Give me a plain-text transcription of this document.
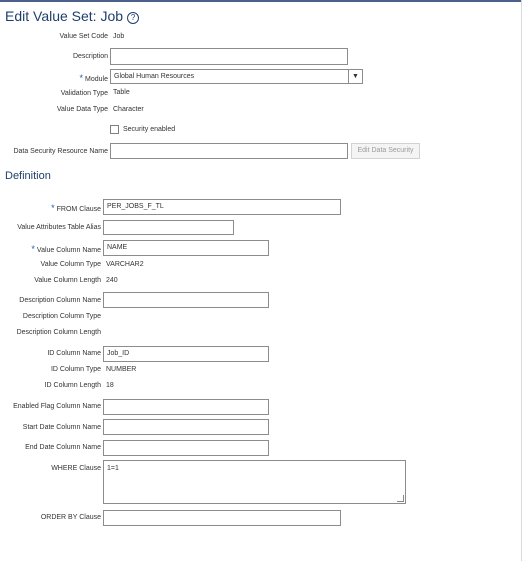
Edit Value Set: Job ?
Value Set Code Job
Description
* Module Global Human Resources	▼
Validation Type Table
Value Data Type Character
Security enabled
Data Security Resource Name	Edit Data Security
Definition
* FROM Clause PER_JOBS_F_TL
Value Attributes Table Alias
* Value Column Name NAME
Value Column Type VARCHAR2
Value Column Length 240
Description Column Name
Description Column Type
Description Column Length
ID Column Name Job_ID
ID Column Type NUMBER
ID Column Length 18
Enabled Flag Column Name
Start Date Column Name
End Date Column Name
WHERE Clause 1=1
ORDER BY Clause
